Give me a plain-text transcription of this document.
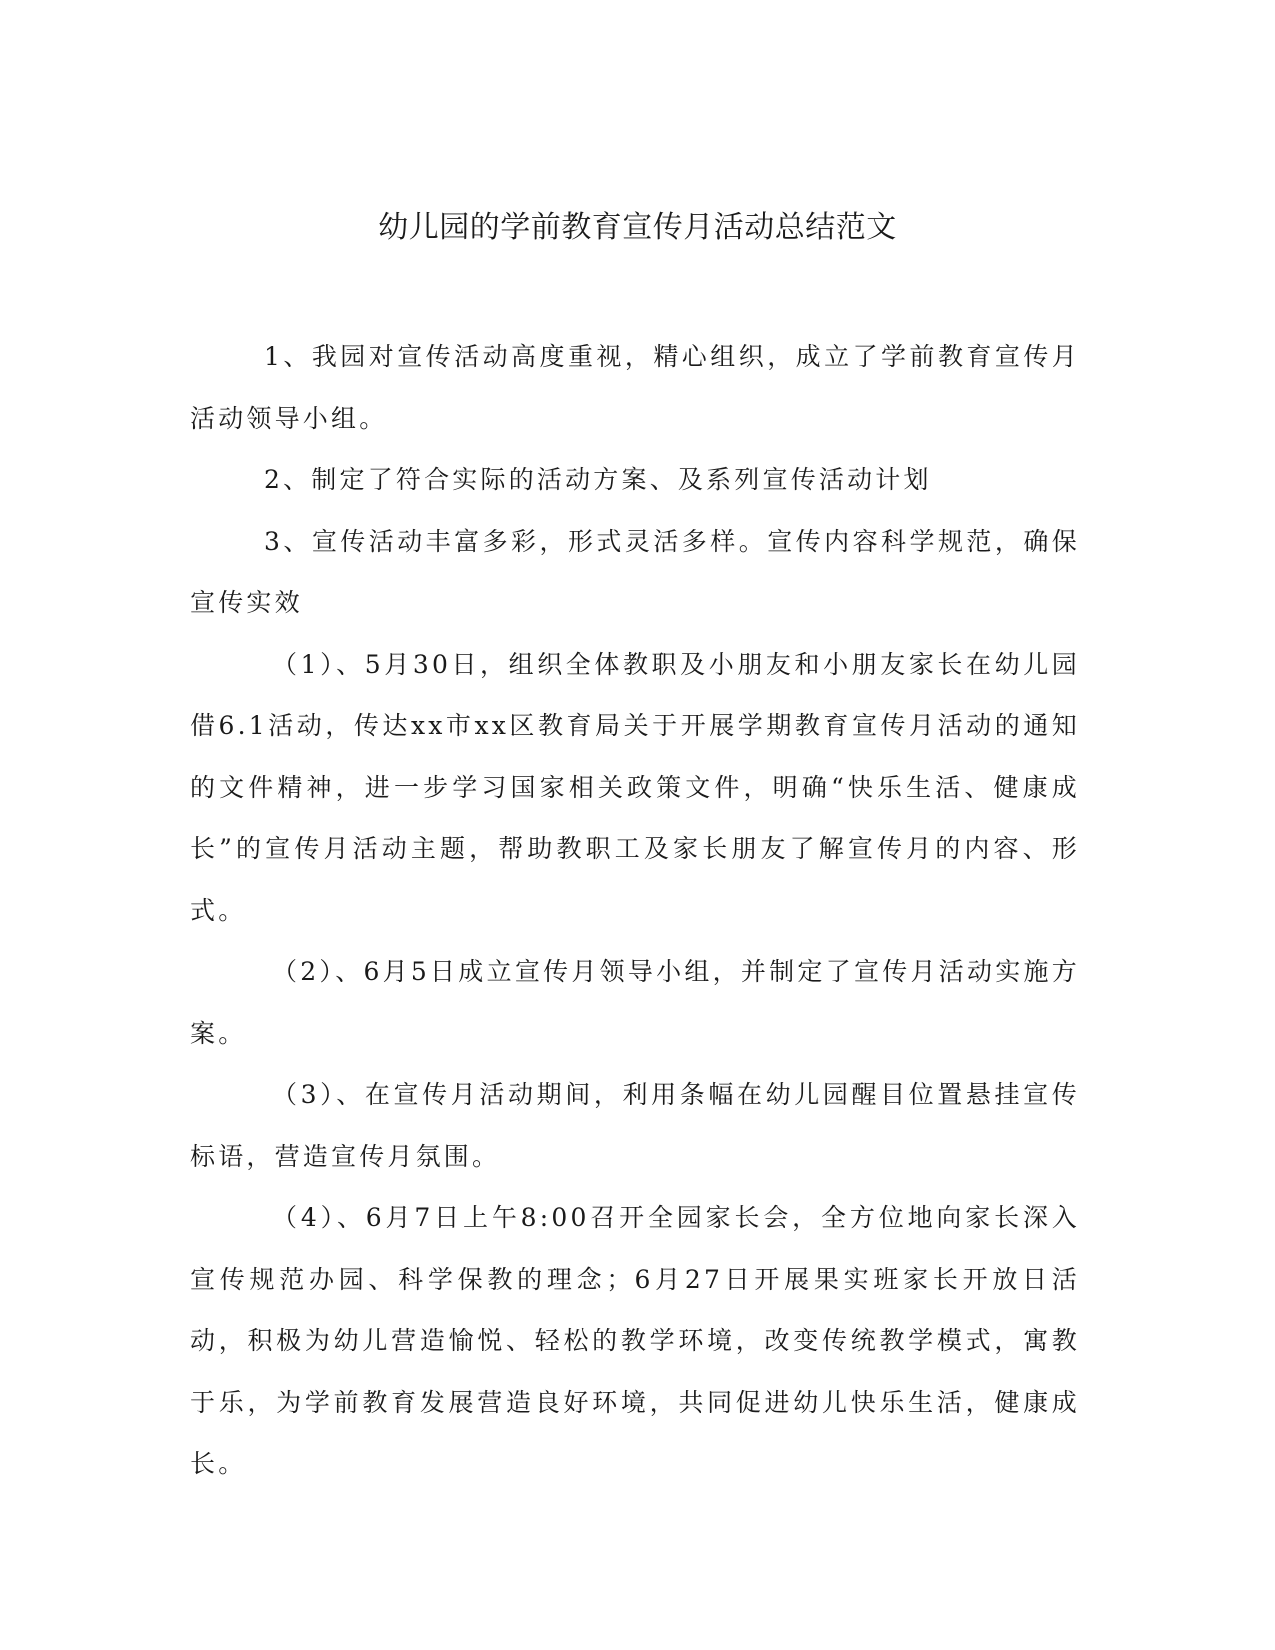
幼儿园的学前教育宣传月活动总结范文

1、我园对宣传活动高度重视，精心组织，成立了学前教育宣传月活动领导小组。

2、制定了符合实际的活动方案、及系列宣传活动计划

3、宣传活动丰富多彩，形式灵活多样。宣传内容科学规范，确保宣传实效

（1）、5月30日，组织全体教职及小朋友和小朋友家长在幼儿园借6.1活动，传达xx市xx区教育局关于开展学期教育宣传月活动的通知的文件精神，进一步学习国家相关政策文件，明确“快乐生活、健康成长”的宣传月活动主题，帮助教职工及家长朋友了解宣传月的内容、形式。

（2）、6月5日成立宣传月领导小组，并制定了宣传月活动实施方案。

（3）、在宣传月活动期间，利用条幅在幼儿园醒目位置悬挂宣传标语，营造宣传月氛围。

（4）、6月7日上午8:00召开全园家长会，全方位地向家长深入宣传规范办园、科学保教的理念；6月27日开展果实班家长开放日活动，积极为幼儿营造愉悦、轻松的教学环境，改变传统教学模式，寓教于乐，为学前教育发展营造良好环境，共同促进幼儿快乐生活，健康成长。
